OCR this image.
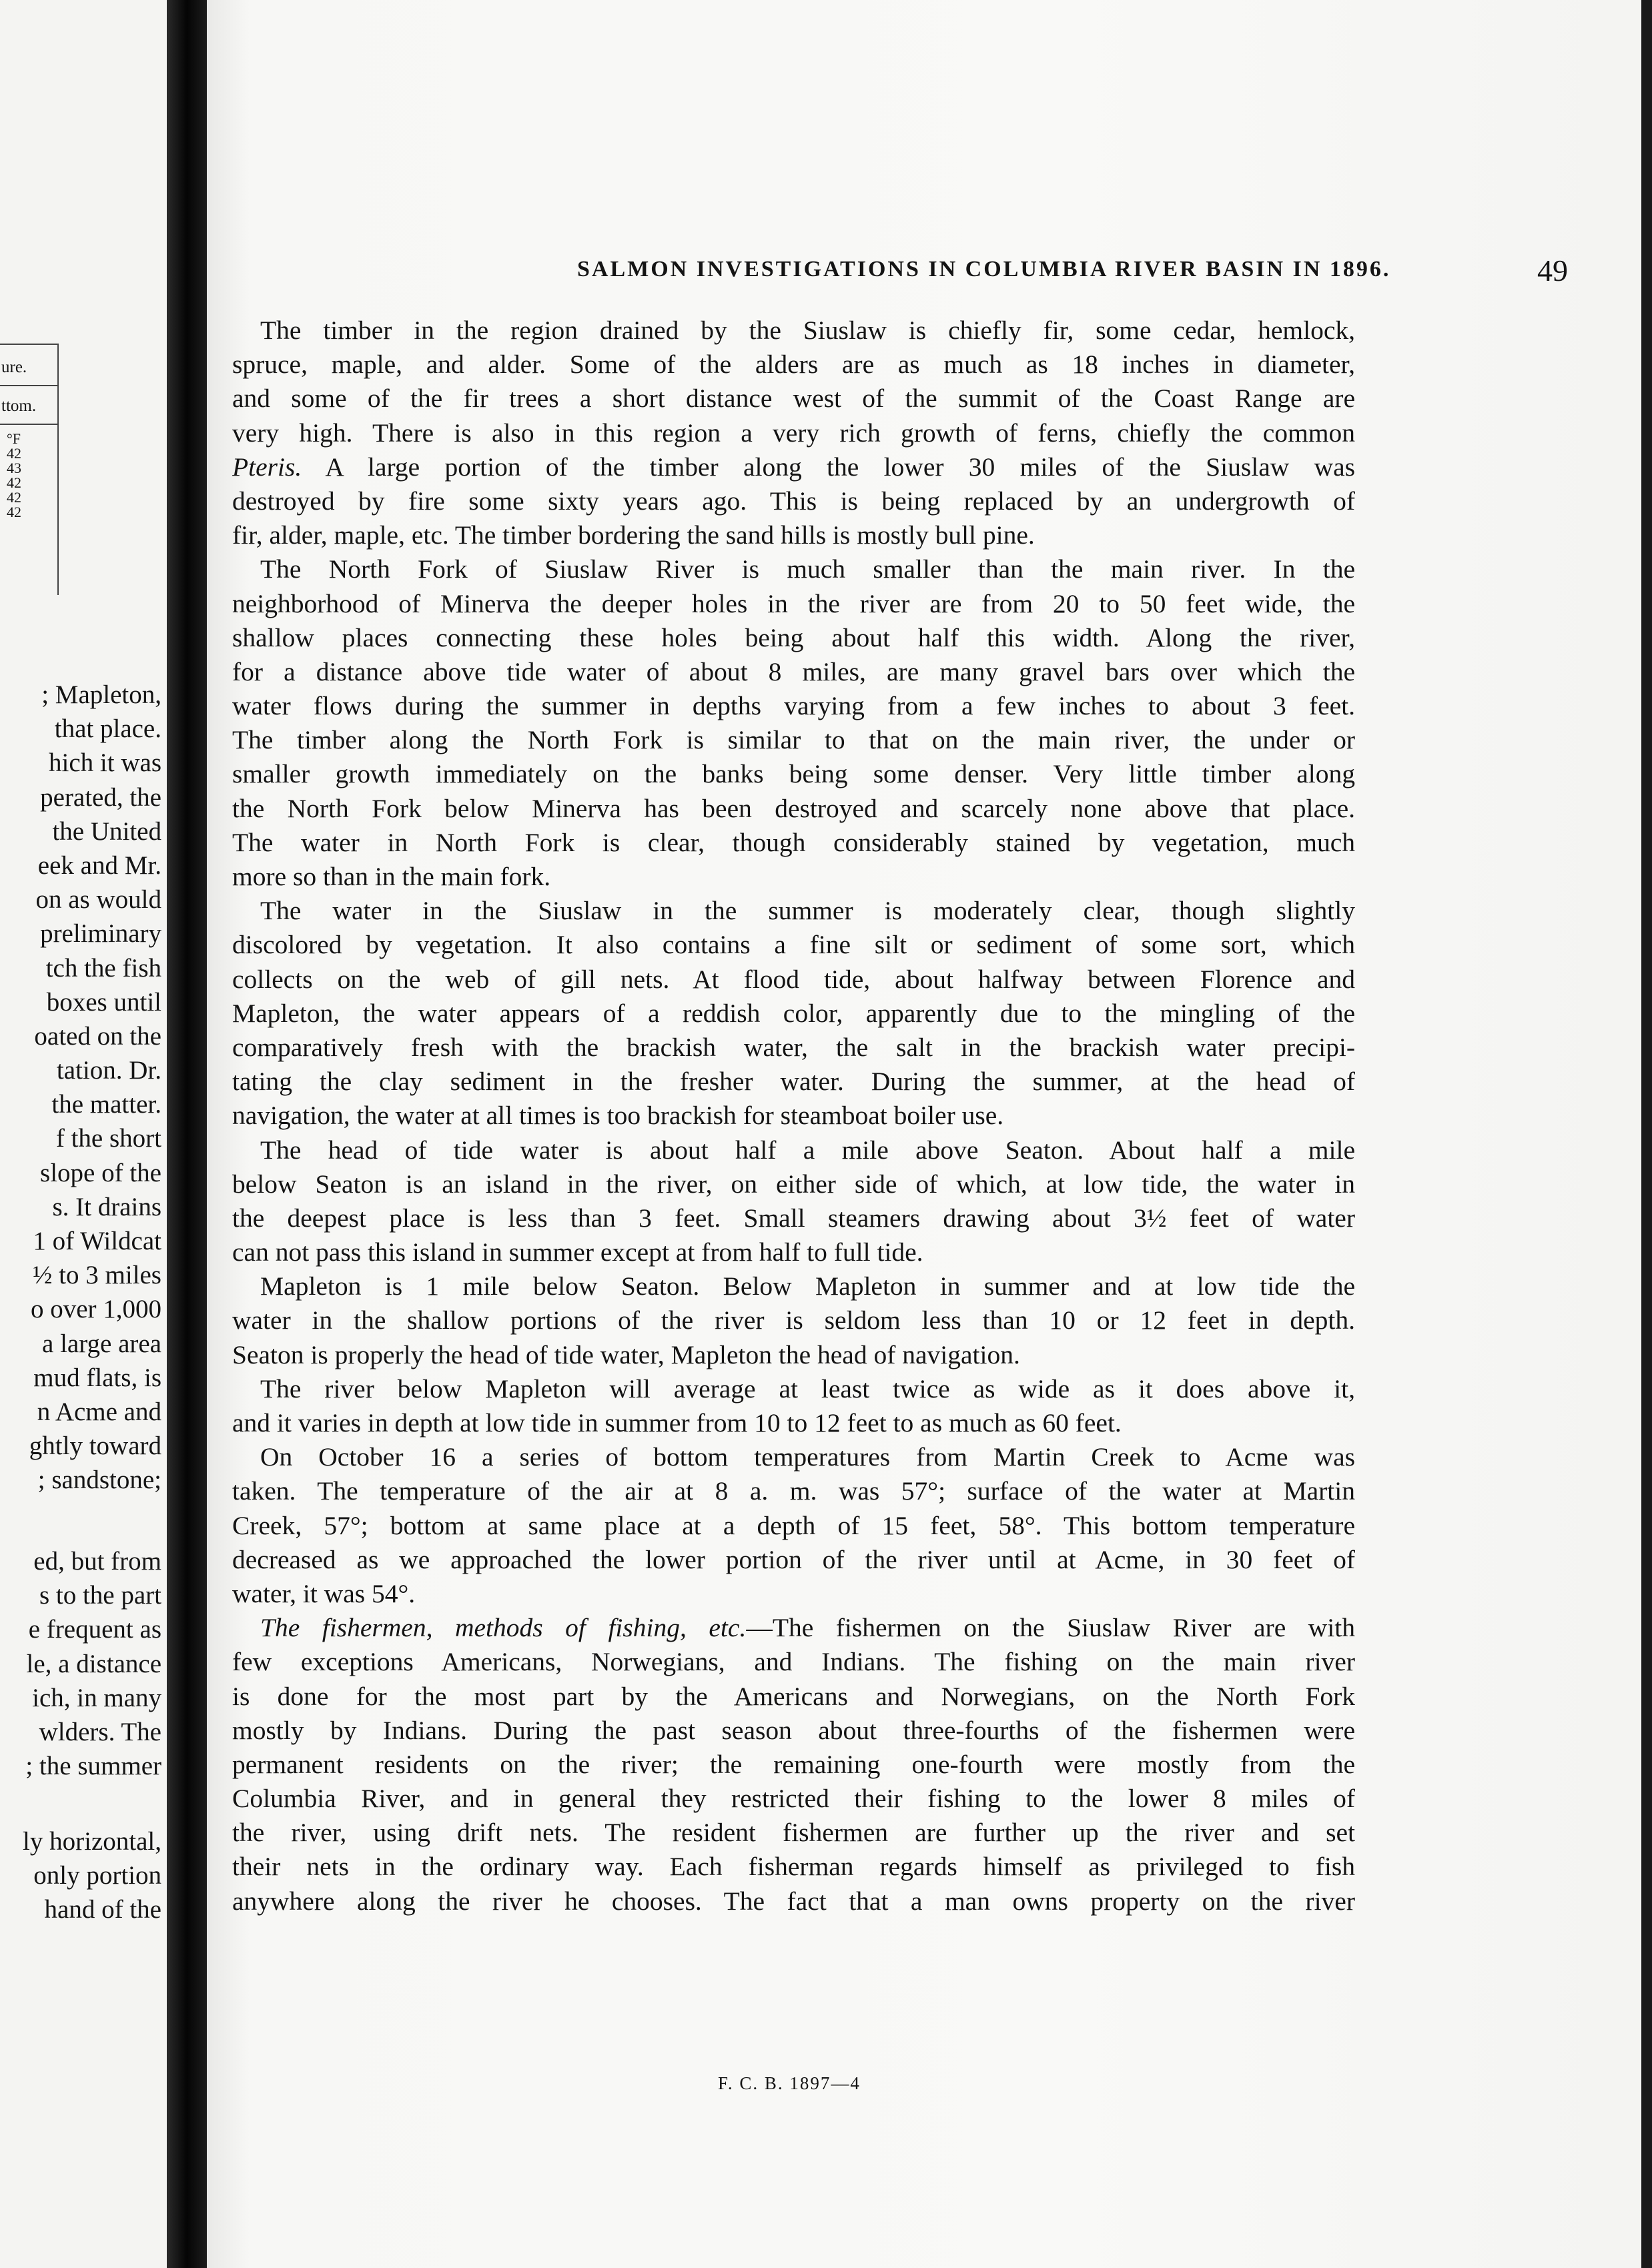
ure.
ttom.
°F
42
43
42
42
42
; Mapleton,
that place.
hich it was
perated, the
the United
eek and Mr.
on as would
preliminary
tch the fish
boxes until
oated on the
tation. Dr.
the matter.
f the short
slope of the
s. It drains
1 of Wildcat
½ to 3 miles
o over 1,000
a large area
mud flats, is
n Acme and
ghtly toward
; sandstone;
ed, but from
s to the part
e frequent as
le, a distance
ich, in many
wlders. The
; the summer
ly horizontal,
only portion
hand of the
SALMON INVESTIGATIONS IN COLUMBIA RIVER BASIN IN 1896.	49
The timber in the region drained by the Siuslaw is chiefly fir, some cedar, hemlock,
spruce, maple, and alder. Some of the alders are as much as 18 inches in diameter,
and some of the fir trees a short distance west of the summit of the Coast Range are
very high. There is also in this region a very rich growth of ferns, chiefly the common
Pteris. A large portion of the timber along the lower 30 miles of the Siuslaw was
destroyed by fire some sixty years ago. This is being replaced by an undergrowth of
fir, alder, maple, etc. The timber bordering the sand hills is mostly bull pine.
The North Fork of Siuslaw River is much smaller than the main river. In the
neighborhood of Minerva the deeper holes in the river are from 20 to 50 feet wide, the
shallow places connecting these holes being about half this width. Along the river,
for a distance above tide water of about 8 miles, are many gravel bars over which the
water flows during the summer in depths varying from a few inches to about 3 feet.
The timber along the North Fork is similar to that on the main river, the under or
smaller growth immediately on the banks being some denser. Very little timber along
the North Fork below Minerva has been destroyed and scarcely none above that place.
The water in North Fork is clear, though considerably stained by vegetation, much
more so than in the main fork.
The water in the Siuslaw in the summer is moderately clear, though slightly
discolored by vegetation. It also contains a fine silt or sediment of some sort, which
collects on the web of gill nets. At flood tide, about halfway between Florence and
Mapleton, the water appears of a reddish color, apparently due to the mingling of the
comparatively fresh with the brackish water, the salt in the brackish water precipi-
tating the clay sediment in the fresher water. During the summer, at the head of
navigation, the water at all times is too brackish for steamboat boiler use.
The head of tide water is about half a mile above Seaton. About half a mile
below Seaton is an island in the river, on either side of which, at low tide, the water in
the deepest place is less than 3 feet. Small steamers drawing about 3½ feet of water
can not pass this island in summer except at from half to full tide.
Mapleton is 1 mile below Seaton. Below Mapleton in summer and at low tide the
water in the shallow portions of the river is seldom less than 10 or 12 feet in depth.
Seaton is properly the head of tide water, Mapleton the head of navigation.
The river below Mapleton will average at least twice as wide as it does above it,
and it varies in depth at low tide in summer from 10 to 12 feet to as much as 60 feet.
On October 16 a series of bottom temperatures from Martin Creek to Acme was
taken. The temperature of the air at 8 a. m. was 57°; surface of the water at Martin
Creek, 57°; bottom at same place at a depth of 15 feet, 58°. This bottom temperature
decreased as we approached the lower portion of the river until at Acme, in 30 feet of
water, it was 54°.
The fishermen, methods of fishing, etc.—The fishermen on the Siuslaw River are with
few exceptions Americans, Norwegians, and Indians. The fishing on the main river
is done for the most part by the Americans and Norwegians, on the North Fork
mostly by Indians. During the past season about three-fourths of the fishermen were
permanent residents on the river; the remaining one-fourth were mostly from the
Columbia River, and in general they restricted their fishing to the lower 8 miles of
the river, using drift nets. The resident fishermen are further up the river and set
their nets in the ordinary way. Each fisherman regards himself as privileged to fish
anywhere along the river he chooses. The fact that a man owns property on the river
F. C. B. 1897—4
